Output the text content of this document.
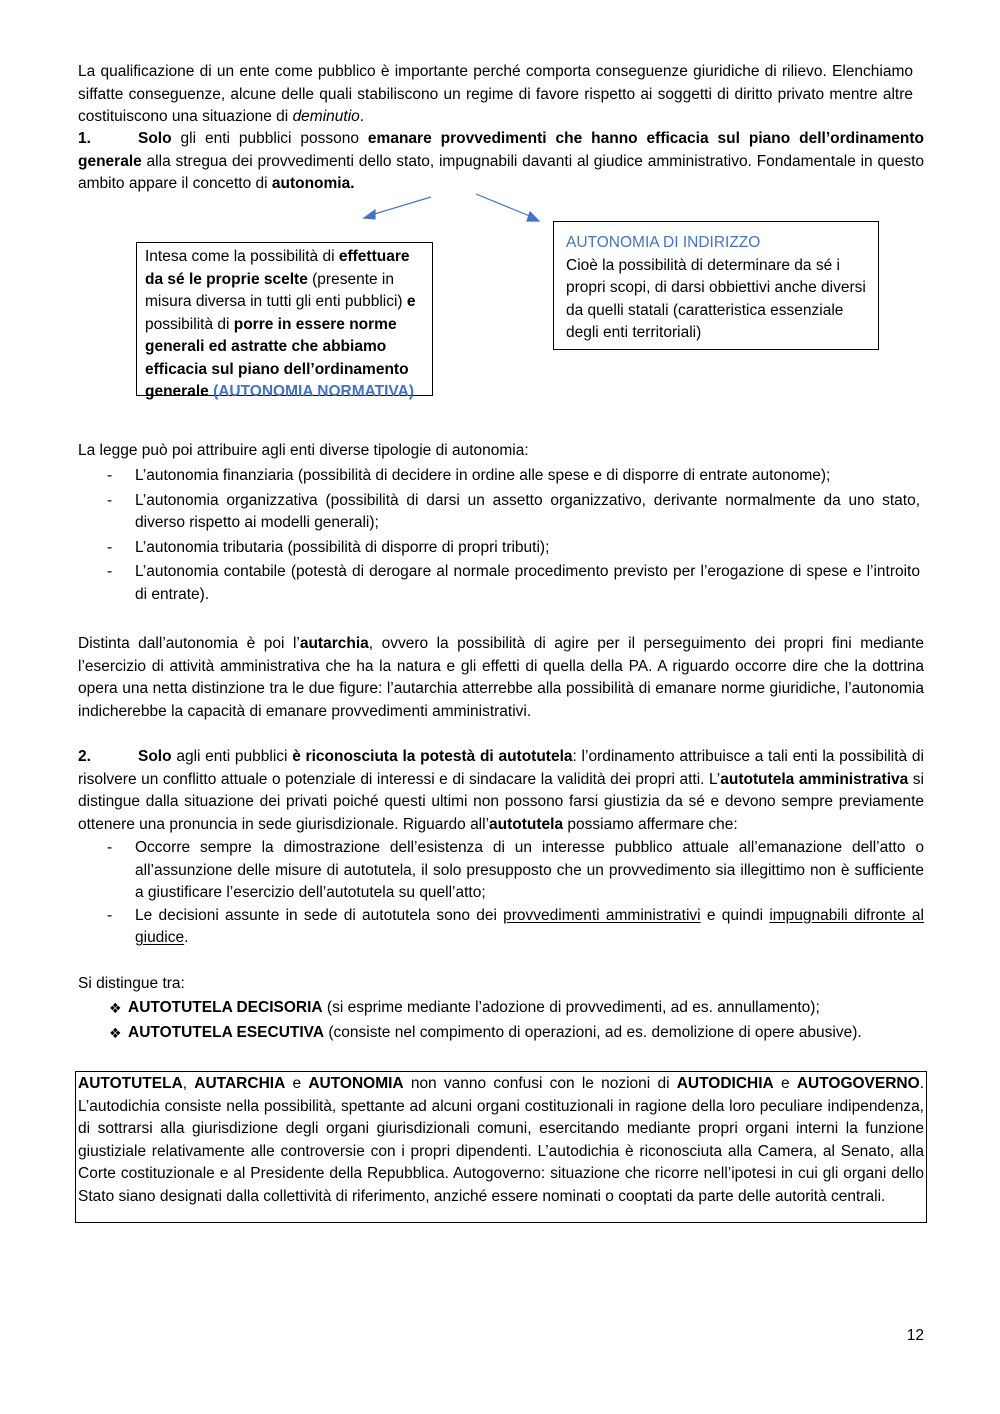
La qualificazione di un ente come pubblico è importante perché comporta conseguenze giuridiche di rilievo. Elenchiamo siffatte conseguenze, alcune delle quali stabiliscono un regime di favore rispetto ai soggetti di diritto privato mentre altre costituiscono una situazione di deminutio.
1.	Solo gli enti pubblici possono emanare provvedimenti che hanno efficacia sul piano dell’ordinamento generale alla stregua dei provvedimenti dello stato, impugnabili davanti al giudice amministrativo. Fondamentale in questo ambito appare il concetto di autonomia.
Intesa come la possibilità di effettuare da sé le proprie scelte (presente in misura diversa in tutti gli enti pubblici) e possibilità di porre in essere norme generali ed astratte che abbiamo efficacia sul piano dell’ordinamento generale (AUTONOMIA NORMATIVA)
AUTONOMIA DI INDIRIZZO
Cioè la possibilità di determinare da sé i propri scopi, di darsi obbiettivi anche diversi da quelli statali (caratteristica essenziale degli enti territoriali)
La legge può poi attribuire agli enti diverse tipologie di autonomia:
- L’autonomia finanziaria (possibilità di decidere in ordine alle spese e di disporre di entrate autonome);
- L’autonomia organizzativa (possibilità di darsi un assetto organizzativo, derivante normalmente da uno stato, diverso rispetto ai modelli generali);
- L’autonomia tributaria (possibilità di disporre di propri tributi);
- L’autonomia contabile (potestà di derogare al normale procedimento previsto per l’erogazione di spese e l’introito di entrate).
Distinta dall’autonomia è poi l’autarchia, ovvero la possibilità di agire per il perseguimento dei propri fini mediante l’esercizio di attività amministrativa che ha la natura e gli effetti di quella della PA. A riguardo occorre dire che la dottrina opera una netta distinzione tra le due figure: l’autarchia atterrebbe alla possibilità di emanare norme giuridiche, l’autonomia indicherebbe la capacità di emanare provvedimenti amministrativi.
2.	Solo agli enti pubblici è riconosciuta la potestà di autotutela: l’ordinamento attribuisce a tali enti la possibilità di risolvere un conflitto attuale o potenziale di interessi e di sindacare la validità dei propri atti. L’autotutela amministrativa si distingue dalla situazione dei privati poiché questi ultimi non possono farsi giustizia da sé e devono sempre previamente ottenere una pronuncia in sede giurisdizionale. Riguardo all’autotutela possiamo affermare che:
- Occorre sempre la dimostrazione dell’esistenza di un interesse pubblico attuale all’emanazione dell’atto o all’assunzione delle misure di autotutela, il solo presupposto che un provvedimento sia illegittimo non è sufficiente a giustificare l’esercizio dell’autotutela su quell’atto;
- Le decisioni assunte in sede di autotutela sono dei provvedimenti amministrativi e quindi impugnabili difronte al giudice.
Si distingue tra:
❖ AUTOTUTELA DECISORIA (si esprime mediante l’adozione di provvedimenti, ad es. annullamento);
❖ AUTOTUTELA ESECUTIVA (consiste nel compimento di operazioni, ad es. demolizione di opere abusive).
AUTOTUTELA, AUTARCHIA e AUTONOMIA non vanno confusi con le nozioni di AUTODICHIA e AUTOGOVERNO. L’autodichia consiste nella possibilità, spettante ad alcuni organi costituzionali in ragione della loro peculiare indipendenza, di sottrarsi alla giurisdizione degli organi giurisdizionali comuni, esercitando mediante propri organi interni la funzione giustiziale relativamente alle controversie con i propri dipendenti. L’autodichia è riconosciuta alla Camera, al Senato, alla Corte costituzionale e al Presidente della Repubblica. Autogoverno: situazione che ricorre nell’ipotesi in cui gli organi dello Stato siano designati dalla collettività di riferimento, anziché essere nominati o cooptati da parte delle autorità centrali.
12
